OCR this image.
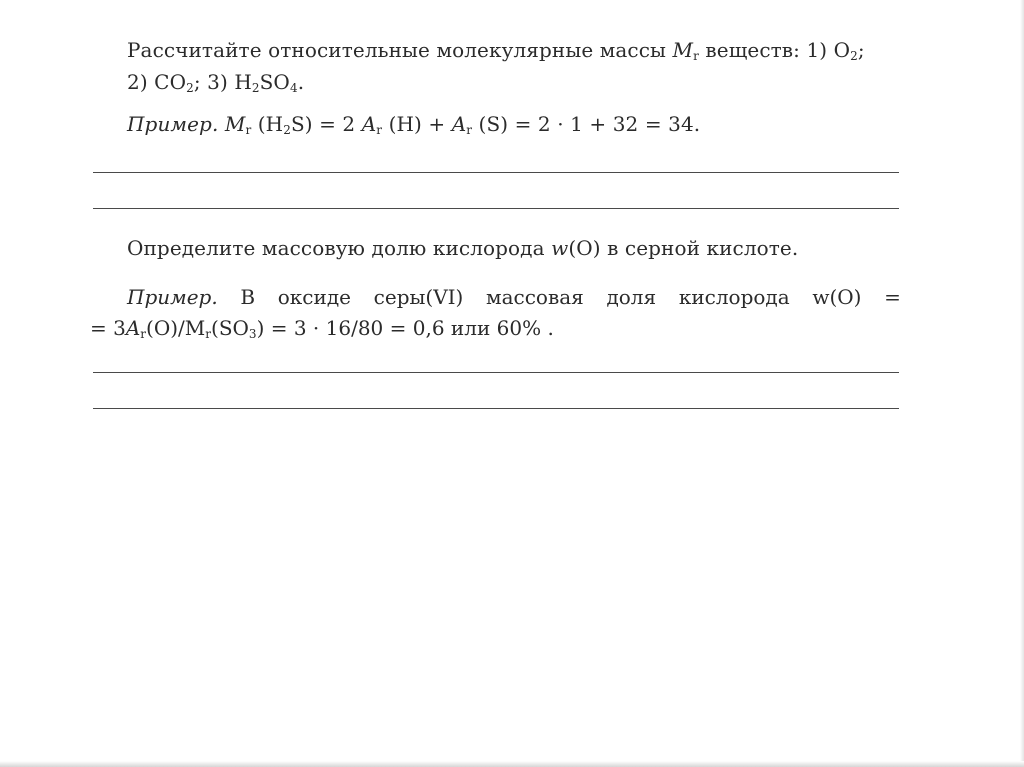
Рассчитайте относительные молекулярные массы $M_r$ веществ: 1) $O_2$;

2) $CO_2$; 3) $H_2SO_4$.

Пример. $M_r$ $(H_2S) = 2$ $A_r$ $(H) + A_r$ (S) = 2 · 1 + 32 = 34.

Определите массовую долю кислорода w(O) в серной кислоте.

Пример. В оксиде серы(VI) массовая доля кислорода w(O) =

= $3A_r(O)/M_r(SO_3) = 3 \cdot 16/80 = 0,6$ или 60% .
